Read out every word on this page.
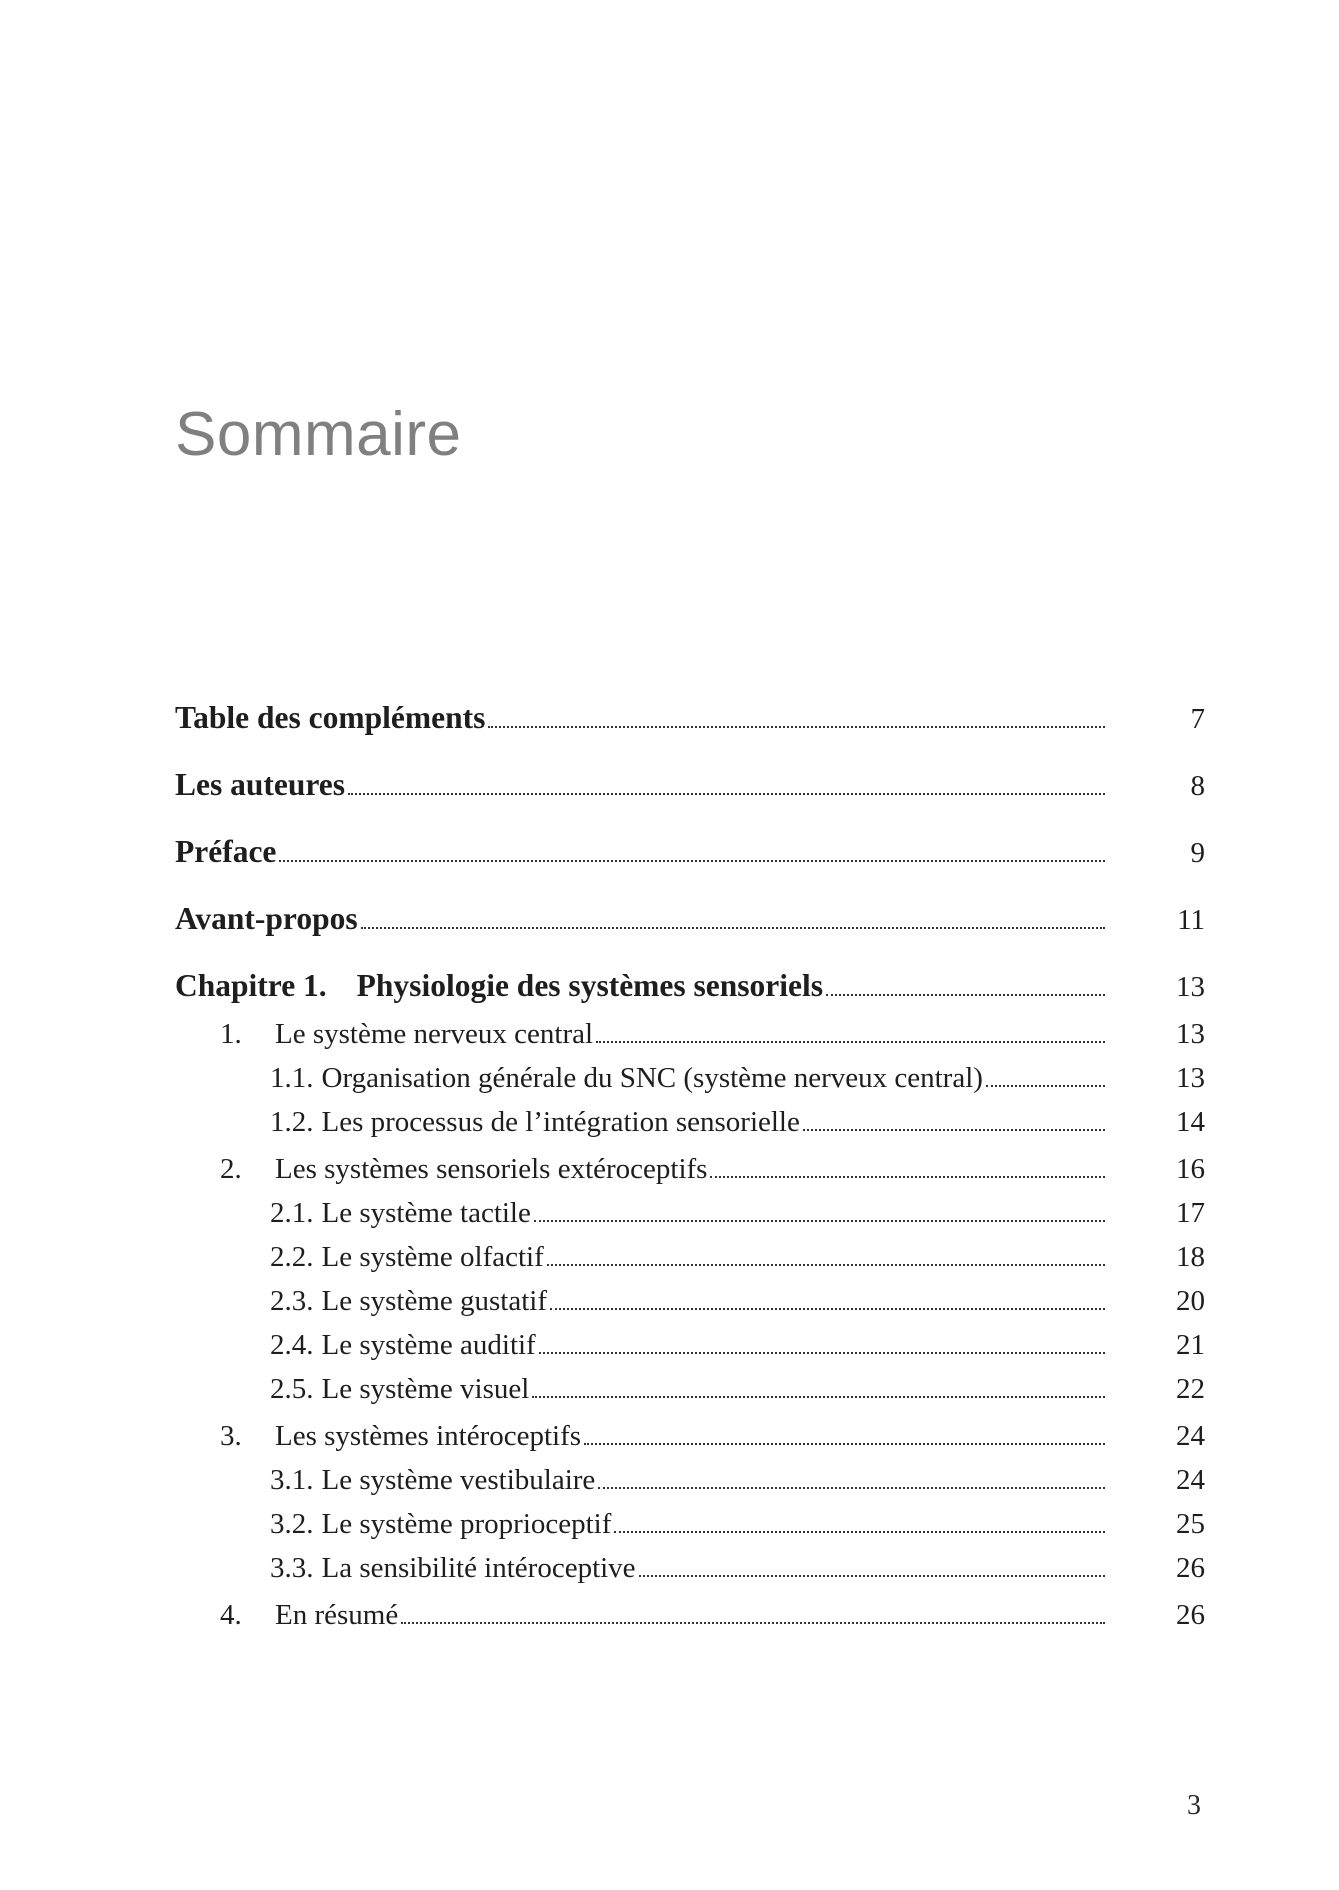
Sommaire
Table des compléments	7
Les auteures	8
Préface	9
Avant-propos	11
Chapitre 1. Physiologie des systèmes sensoriels	13
1.	Le système nerveux central	13
1.1. Organisation générale du SNC (système nerveux central)	13
1.2. Les processus de l’intégration sensorielle	14
2.	Les systèmes sensoriels extéroceptifs	16
2.1. Le système tactile	17
2.2. Le système olfactif	18
2.3. Le système gustatif	20
2.4. Le système auditif	21
2.5. Le système visuel	22
3.	Les systèmes intéroceptifs	24
3.1. Le système vestibulaire	24
3.2. Le système proprioceptif	25
3.3. La sensibilité intéroceptive	26
4.	En résumé	26
3
